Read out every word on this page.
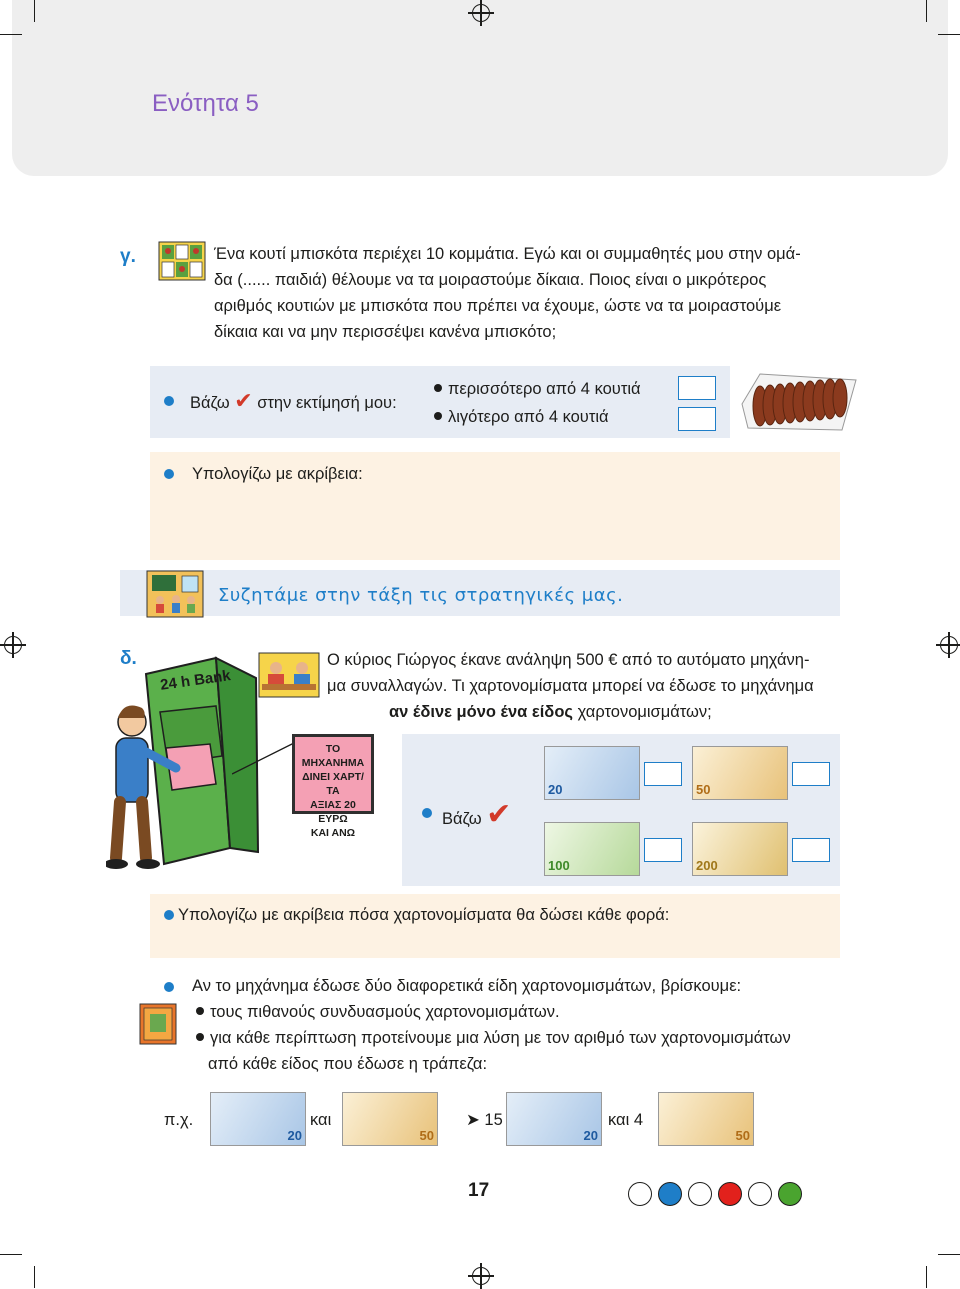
Ενότητα 5
γ.	Ένα κουτί μπισκότα περιέχει 10 κομμάτια. Εγώ και οι συμμαθητές μου στην ομά-
δα (...... παιδιά) θέλουμε να τα μοιραστούμε δίκαια. Ποιος είναι ο μικρότερος
αριθμός κουτιών με μπισκότα που πρέπει να έχουμε, ώστε να τα μοιραστούμε
δίκαια και να μην περισσέψει κανένα μπισκότο;
Βάζω ✔ στην εκτίμησή μου:
περισσότερο από 4 κουτιά
λιγότερο από 4 κουτιά
Υπολογίζω με ακρίβεια:
Συζητάμε στην τάξη τις στρατηγικές μας.
δ.
24 h Bank
ΤΟ ΜΗΧΑΝΗΜΑ
ΔΙΝΕΙ ΧΑΡΤ/ΤΑ
ΑΞΙΑΣ 20 ΕΥΡΩ
ΚΑΙ ΑΝΩ
Ο κύριος Γιώργος έκανε ανάληψη 500 € από το αυτόματο μηχάνη-
μα συναλλαγών. Τι χαρτονομίσματα μπορεί να έδωσε το μηχάνημα
αν έδινε μόνο ένα είδος χαρτονομισμάτων;
Βάζω ✔
20	50
100	200
Υπολογίζω με ακρίβεια πόσα χαρτονομίσματα θα δώσει κάθε φορά:
Αν το μηχάνημα έδωσε δύο διαφορετικά είδη χαρτονομισμάτων, βρίσκουμε:
τους πιθανούς συνδυασμούς χαρτονομισμάτων.
για κάθε περίπτωση προτείνουμε μια λύση με τον αριθμό των χαρτονομισμάτων
από κάθε είδος που έδωσε η τράπεζα:
π.χ.
20
και
50
➤ 15
20
και 4
50
17
